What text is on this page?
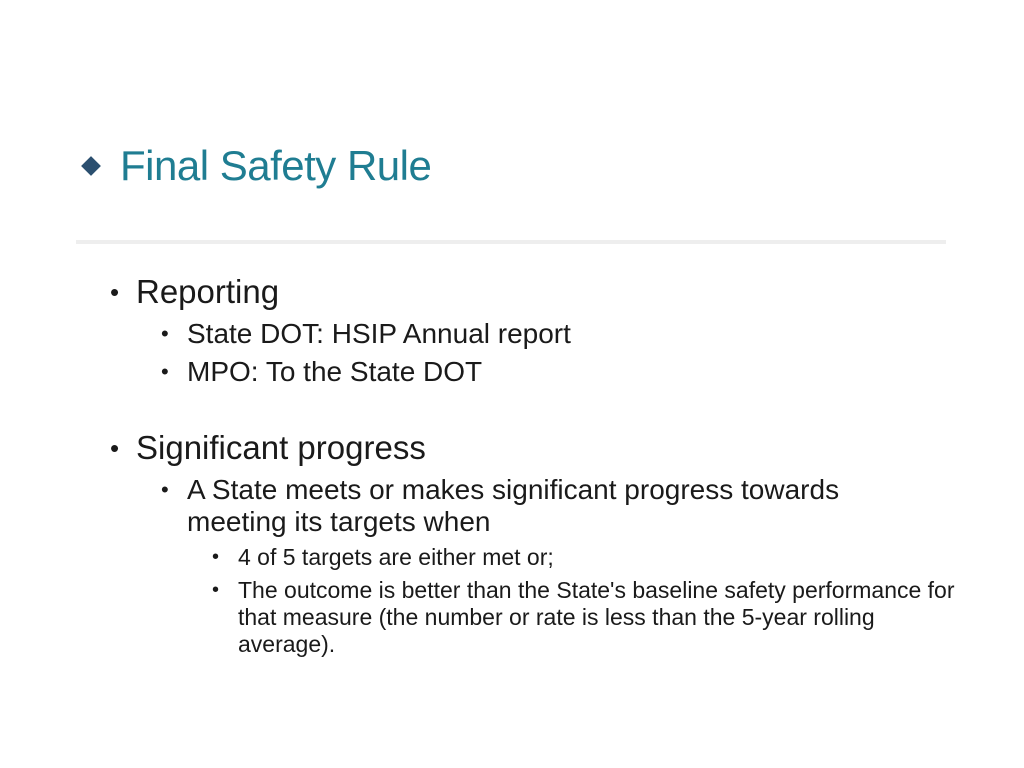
Final Safety Rule
• Reporting
• State DOT: HSIP Annual report
• MPO: To the State DOT
• Significant progress
• A State meets or makes significant progress towards meeting its targets when
• 4 of 5 targets are either met or;
• The outcome is better than the State's baseline safety performance for that measure (the number or rate is less than the 5-year rolling average).
